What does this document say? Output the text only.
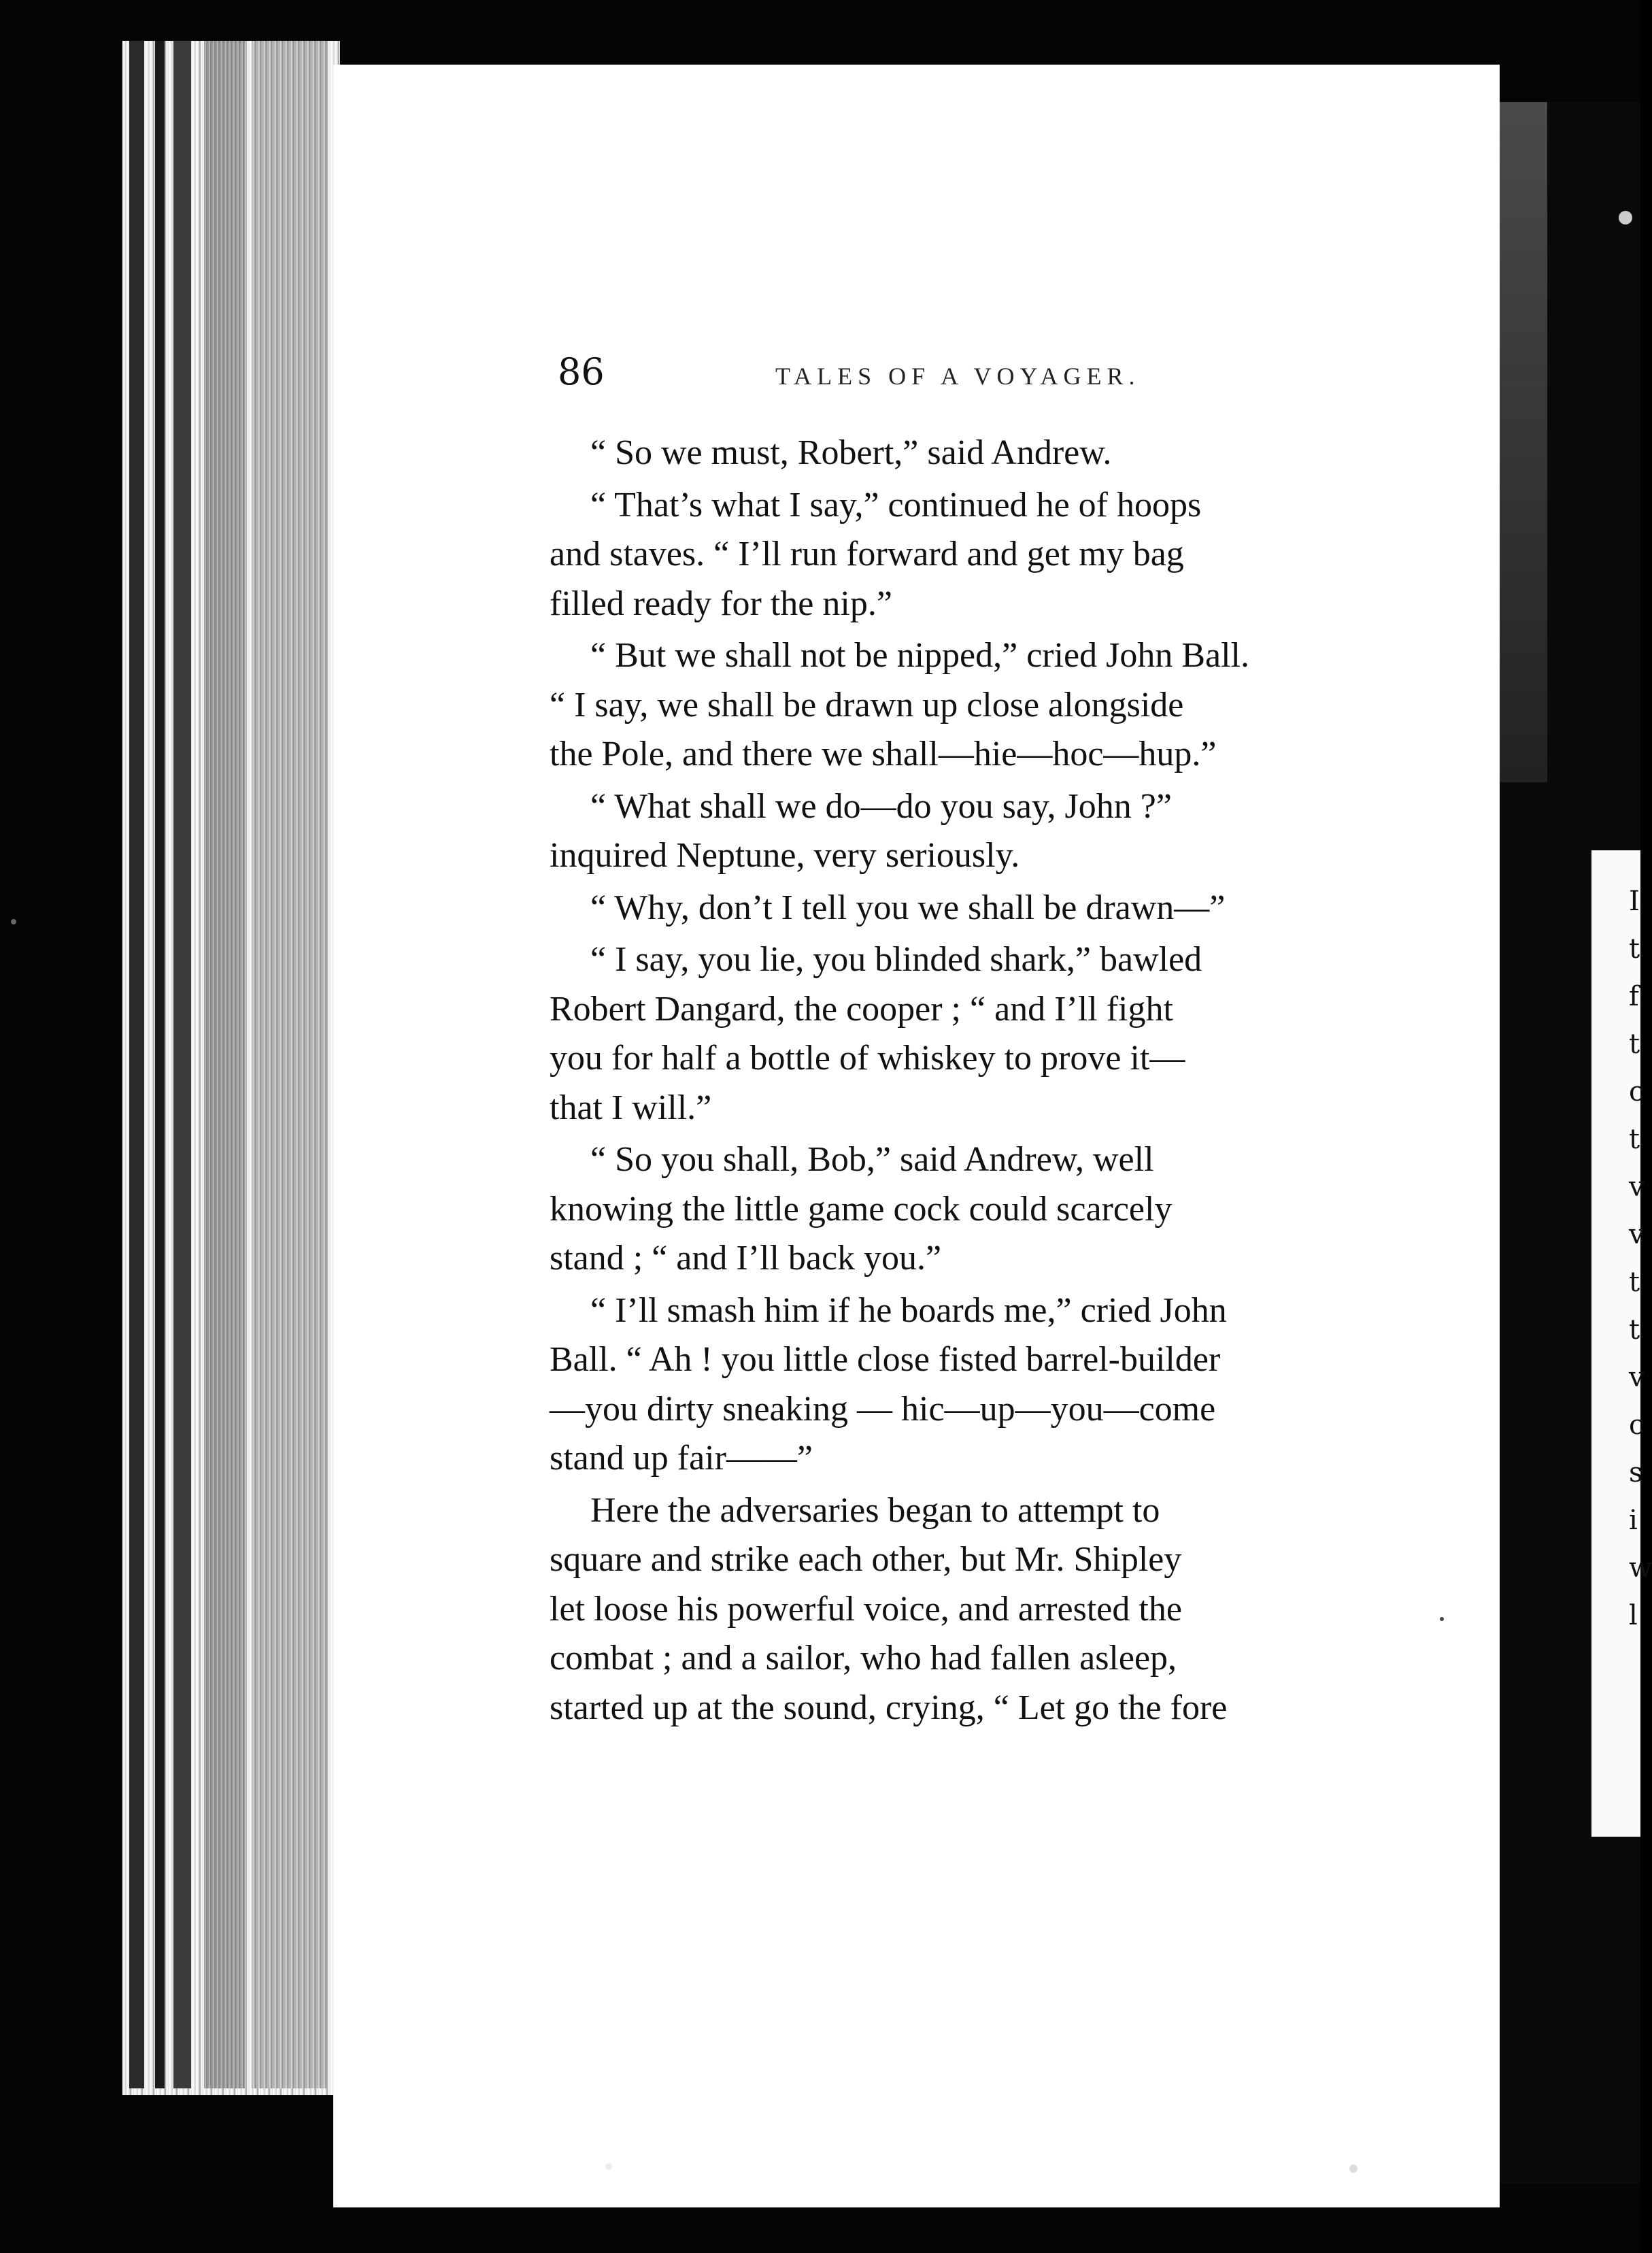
I
t
f
t
c
t
v
v
t
t
v
c
s
i
w
l
86	TALES OF A VOYAGER.
“ So we must, Robert,” said Andrew.
“ That’s what I say,” continued he of hoops
and staves. “ I’ll run forward and get my bag
filled ready for the nip.”
“ But we shall not be nipped,” cried John Ball.
“ I say, we shall be drawn up close alongside
the Pole, and there we shall—hie—hoc—hup.”
“ What shall we do—do you say, John ?”
inquired Neptune, very seriously.
“ Why, don’t I tell you we shall be drawn—”
“ I say, you lie, you blinded shark,” bawled
Robert Dangard, the cooper ; “ and I’ll fight
you for half a bottle of whiskey to prove it—
that I will.”
“ So you shall, Bob,” said Andrew, well
knowing the little game cock could scarcely
stand ; “ and I’ll back you.”
“ I’ll smash him if he boards me,” cried John
Ball. “ Ah ! you little close fisted barrel-builder
—you dirty sneaking — hic—up—you—come
stand up fair——”
Here the adversaries began to attempt to
square and strike each other, but Mr. Shipley
let loose his powerful voice, and arrested the
combat ; and a sailor, who had fallen asleep,
started up at the sound, crying, “ Let go the fore
